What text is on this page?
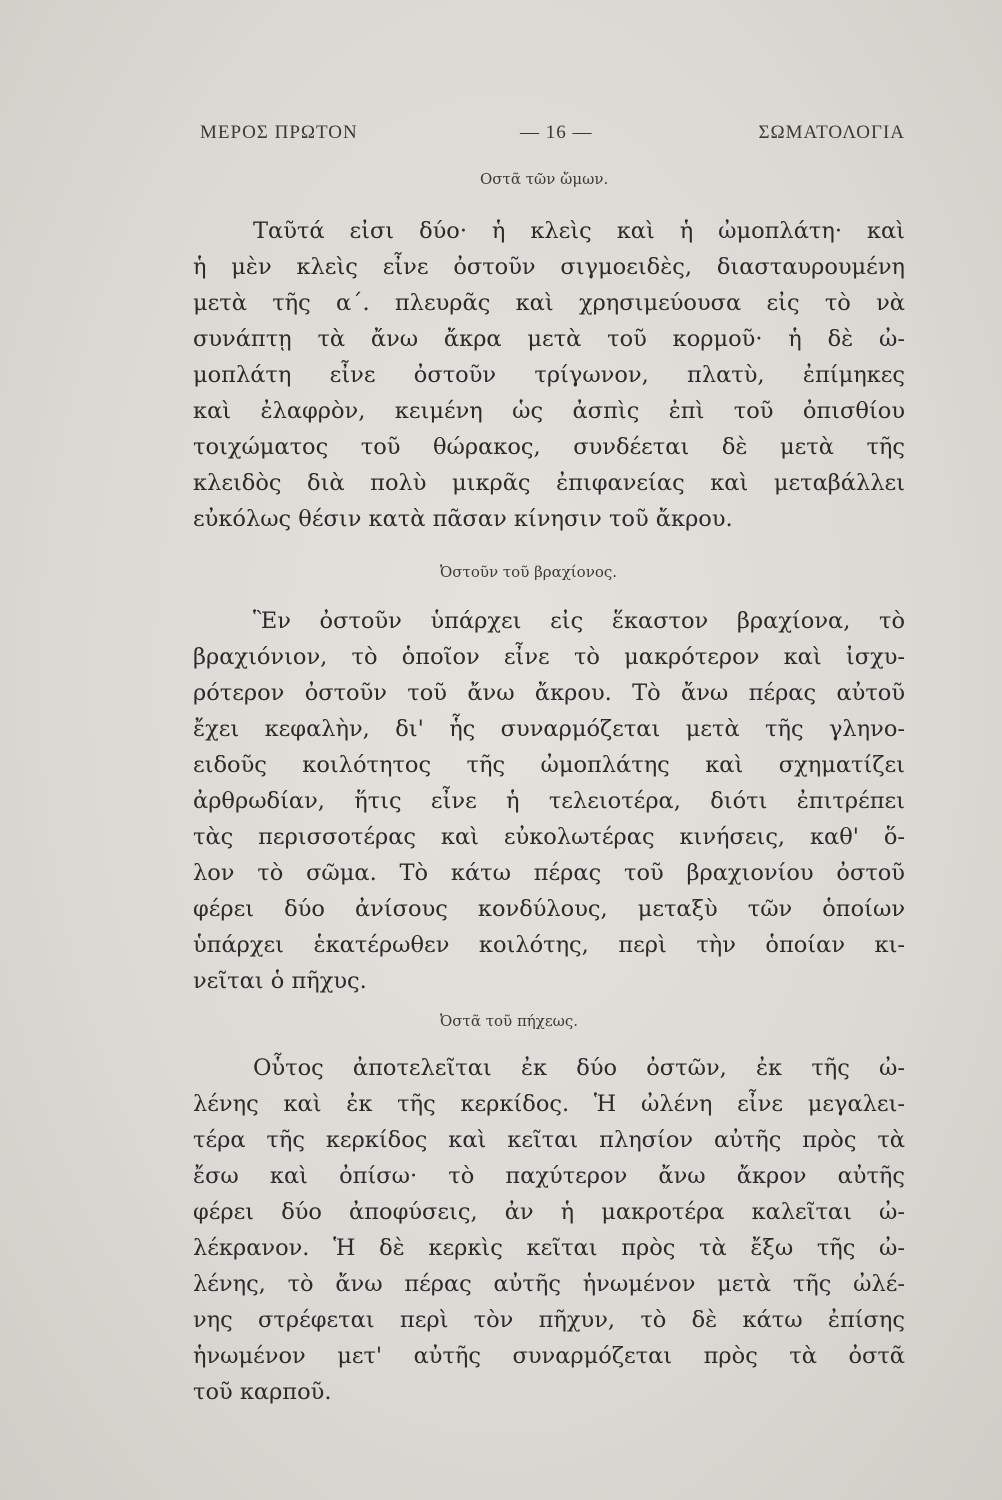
ΜΕΡΟΣ ΠΡΩΤΟΝ	— 16 —	ΣΩΜΑΤΟΛΟΓΙΑ
Οστᾶ τῶν ὤμων.
Ταῦτά εἰσι δύο· ἡ κλεὶς καὶ ἡ ὠμοπλάτη· καὶ
ἡ μὲν κλεὶς εἶνε ὀστοῦν σιγμοειδὲς, διασταυρουμένη
μετὰ τῆς α΄. πλευρᾶς καὶ χρησιμεύουσα εἰς τὸ νὰ
συνάπτῃ τὰ ἄνω ἄκρα μετὰ τοῦ κορμοῦ· ἡ δὲ ὠ-
μοπλάτη εἶνε ὀστοῦν τρίγωνον, πλατὺ, ἐπίμηκες
καὶ ἐλαφρὸν, κειμένη ὡς ἀσπὶς ἐπὶ τοῦ ὀπισθίου
τοιχώματος τοῦ θώρακος, συνδέεται δὲ μετὰ τῆς
κλειδὸς διὰ πολὺ μικρᾶς ἐπιφανείας καὶ μεταβάλλει
εὐκόλως θέσιν κατὰ πᾶσαν κίνησιν τοῦ ἄκρου.
Ὀστοῦν τοῦ βραχίονος.
Ἓν ὀστοῦν ὑπάρχει εἰς ἕκαστον βραχίονα, τὸ
βραχιόνιον, τὸ ὁποῖον εἶνε τὸ μακρότερον καὶ ἰσχυ-
ρότερον ὀστοῦν τοῦ ἄνω ἄκρου. Τὸ ἄνω πέρας αὐτοῦ
ἔχει κεφαλὴν, δι' ἧς συναρμόζεται μετὰ τῆς γληνο-
ειδοῦς κοιλότητος τῆς ὠμοπλάτης καὶ σχηματίζει
ἀρθρωδίαν, ἥτις εἶνε ἡ τελειοτέρα, διότι ἐπιτρέπει
τὰς περισσοτέρας καὶ εὐκολωτέρας κινήσεις, καθ' ὅ-
λον τὸ σῶμα. Τὸ κάτω πέρας τοῦ βραχιονίου ὀστοῦ
φέρει δύο ἀνίσους κονδύλους, μεταξὺ τῶν ὁποίων
ὑπάρχει ἑκατέρωθεν κοιλότης, περὶ τὴν ὁποίαν κι-
νεῖται ὁ πῆχυς.
Ὀστᾶ τοῦ πήχεως.
Οὗτος ἀποτελεῖται ἐκ δύο ὀστῶν, ἐκ τῆς ὠ-
λένης καὶ ἐκ τῆς κερκίδος. Ἡ ὠλένη εἶνε μεγαλει-
τέρα τῆς κερκίδος καὶ κεῖται πλησίον αὐτῆς πρὸς τὰ
ἔσω καὶ ὀπίσω· τὸ παχύτερον ἄνω ἄκρον αὐτῆς
φέρει δύο ἀποφύσεις, ἀν ἡ μακροτέρα καλεῖται ὠ-
λέκρανον. Ἡ δὲ κερκὶς κεῖται πρὸς τὰ ἔξω τῆς ὠ-
λένης, τὸ ἄνω πέρας αὐτῆς ἡνωμένον μετὰ τῆς ὠλέ-
νης στρέφεται περὶ τὸν πῆχυν, τὸ δὲ κάτω ἐπίσης
ἡνωμένον μετ' αὐτῆς συναρμόζεται πρὸς τὰ ὀστᾶ
τοῦ καρποῦ.
